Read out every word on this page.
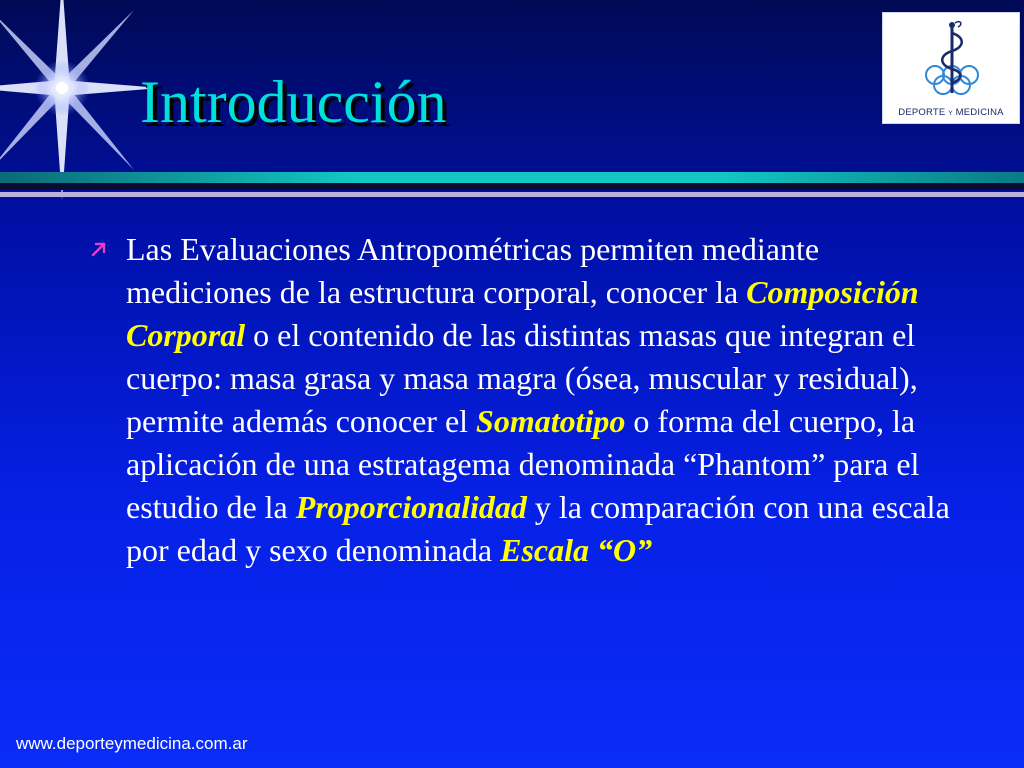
Introducción	DEPORTE Y MEDICINA

Las Evaluaciones Antropométricas permiten mediante mediciones de la estructura corporal, conocer la Composición Corporal o el contenido de las distintas masas que integran el cuerpo: masa grasa y masa magra (ósea, muscular y residual), permite además conocer el Somatotipo o forma del cuerpo, la aplicación de una estratagema denominada “Phantom” para el estudio de la Proporcionalidad y la comparación con una escala por edad y sexo denominada Escala “O”

www.deporteymedicina.com.ar
